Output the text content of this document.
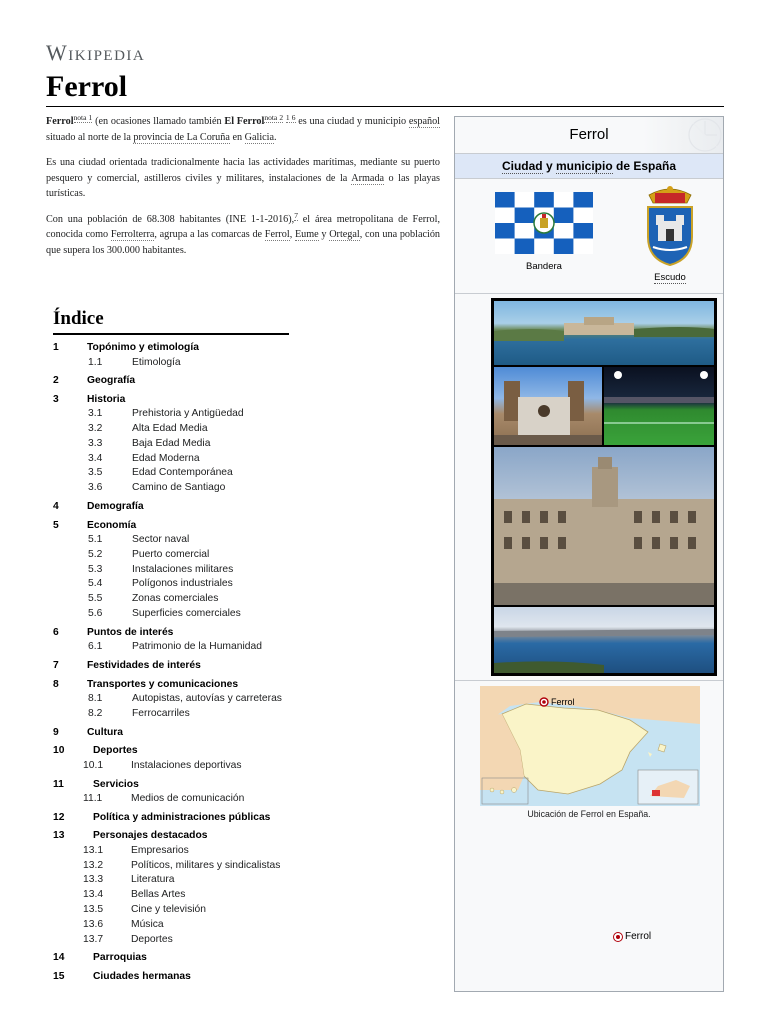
Wikipedia
Ferrol

Ferrol$^{nota 1}$ (en ocasiones llamado también El Ferrol$^{nota 2}$ $^{1 6}$ es una ciudad y municipio español situado al norte de la provincia de La Coruña en Galicia.

Es una ciudad orientada tradicionalmente hacia las actividades marítimas, mediante su puerto pesquero y comercial, astilleros civiles y militares, instalaciones de la Armada o las playas turísticas.

Con una población de 68.308 habitantes (INE 1-1-2016),$^7$ el área metropolitana de Ferrol, conocida como Ferrolterra, agrupa a las comarcas de Ferrol, Eume y Ortegal, con una población que supera los 300.000 habitantes.

Índice
1	Topónimo y etimología
1.1	Etimología
2	Geografía
3	Historia
3.1	Prehistoria y Antigüedad
3.2	Alta Edad Media
3.3	Baja Edad Media
3.4	Edad Moderna
3.5	Edad Contemporánea
3.6	Camino de Santiago
4	Demografía
5	Economía
5.1	Sector naval
5.2	Puerto comercial
5.3	Instalaciones militares
5.4	Polígonos industriales
5.5	Zonas comerciales
5.6	Superficies comerciales
6	Puntos de interés
6.1	Patrimonio de la Humanidad
7	Festividades de interés
8	Transportes y comunicaciones
8.1	Autopistas, autovías y carreteras
8.2	Ferrocarriles
9	Cultura
10	Deportes
10.1	Instalaciones deportivas
11	Servicios
11.1	Medios de comunicación
12	Política y administraciones públicas
13	Personajes destacados
13.1	Empresarios
13.2	Políticos, militares y sindicalistas
13.3	Literatura
13.4	Bellas Artes
13.5	Cine y televisión
13.6	Música
13.7	Deportes
14	Parroquias
15	Ciudades hermanas
Ferrol
Ciudad y municipio de España
Bandera
Escudo
Ferrol
Ubicación de Ferrol en España.
Ferrol
